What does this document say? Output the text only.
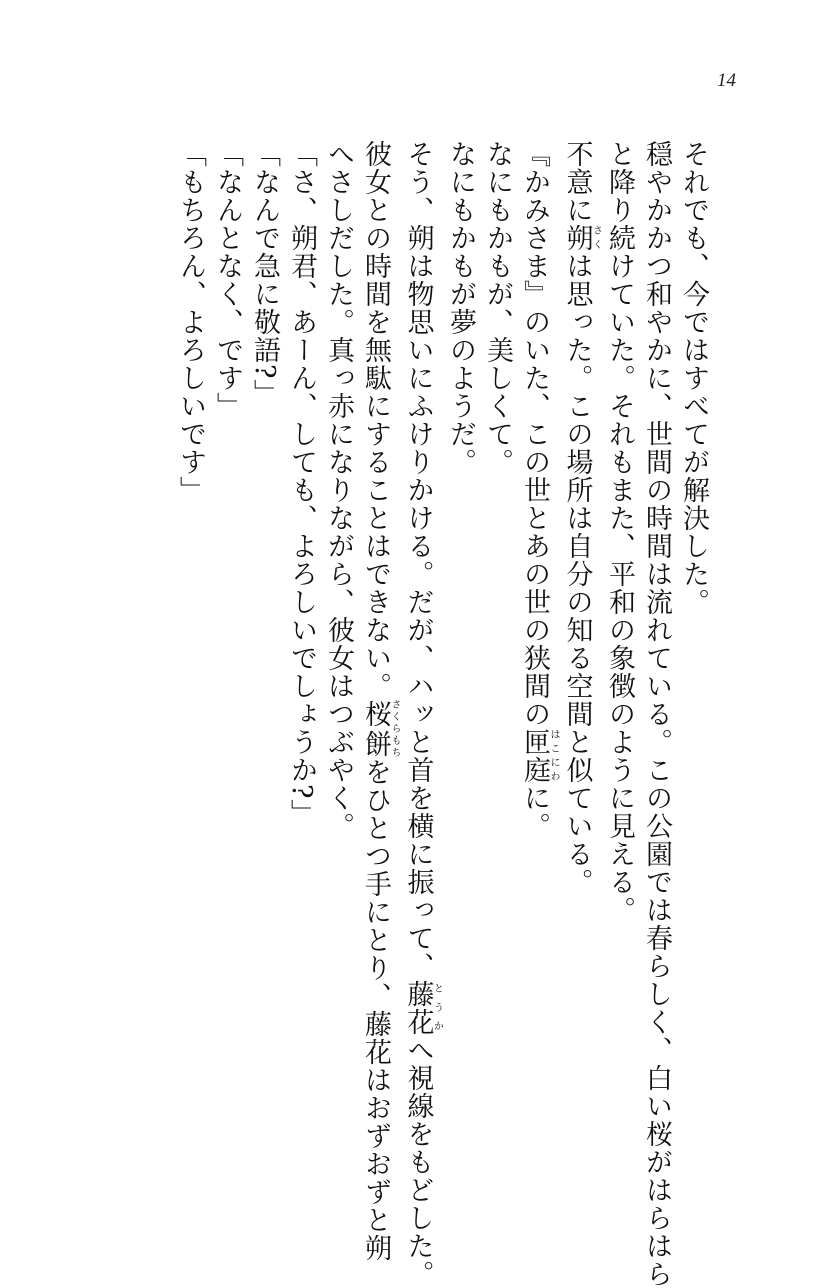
14
それでも、今ではすべてが解決した。
穏やかかつ和やかに、世間の時間は流れている。この公園では春らしく、白い桜がはらはら
と降り続けていた。それもまた、平和の象徴のように見える。
不意に朔さくは思った。この場所は自分の知る空間と似ている。
『かみさま』のいた、この世とあの世の狭間の匣庭はこにわに。
なにもかもが、美しくて。
なにもかもが夢のようだ。
そう、朔は物思いにふけりかける。だが、ハッと首を横に振って、藤花とうかへ視線をもどした。
彼女との時間を無駄にすることはできない。桜餅さくらもちをひとつ手にとり、藤花はおずおずと朔
へさしだした。真っ赤になりながら、彼女はつぶやく。
「さ、朔君、あーん、しても、よろしいでしょうか?」
「なんで急に敬語?」
「なんとなく、です」
「もちろん、よろしいです」
